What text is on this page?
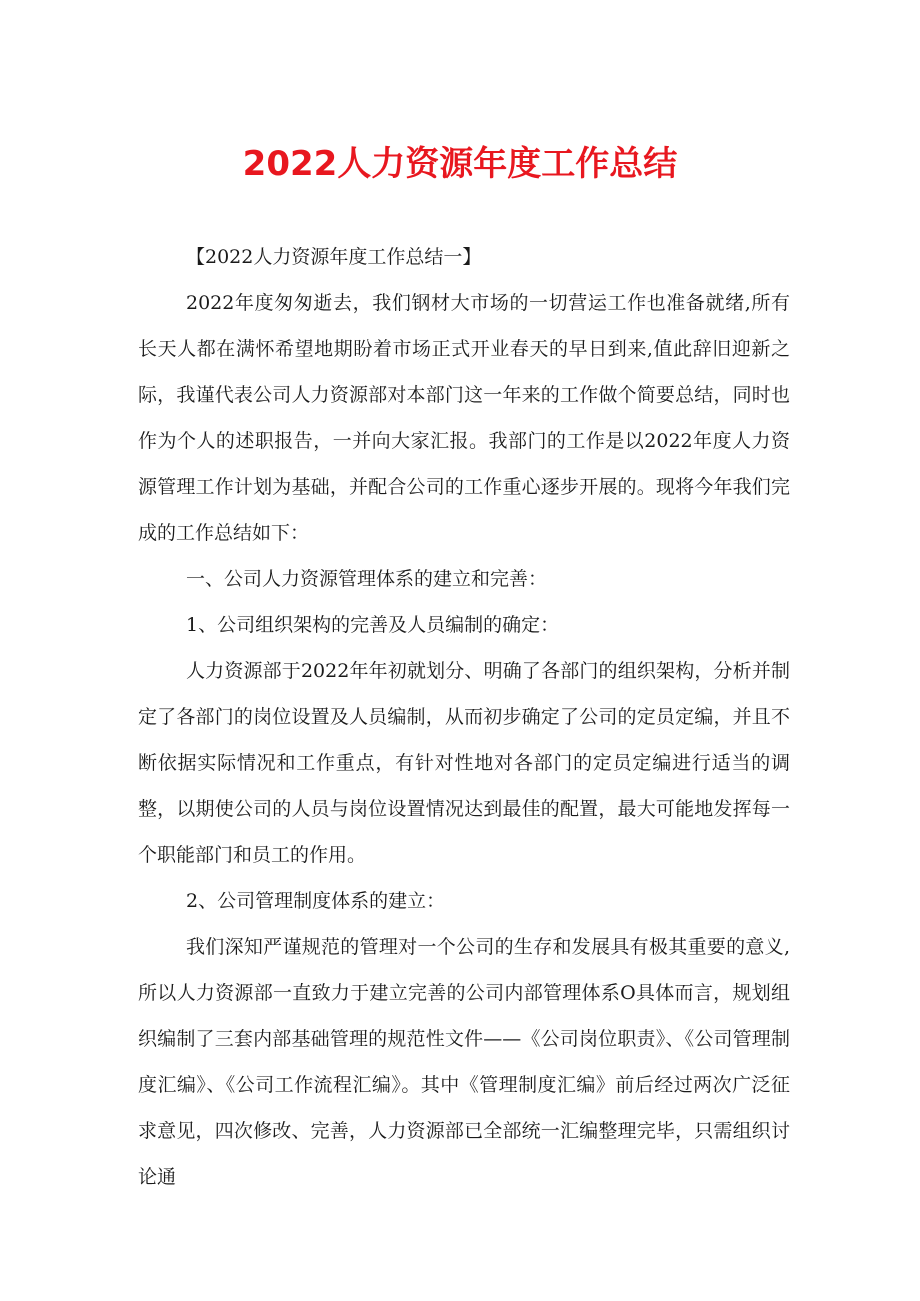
2022人力资源年度工作总结

【2022人力资源年度工作总结一】

2022年度匆匆逝去，我们钢材大市场的一切营运工作也准备就绪,所有长天人都在满怀希望地期盼着市场正式开业春天的早日到来,值此辞旧迎新之际，我谨代表公司人力资源部对本部门这一年来的工作做个简要总结，同时也作为个人的述职报告，一并向大家汇报。我部门的工作是以2022年度人力资源管理工作计划为基础，并配合公司的工作重心逐步开展的。现将今年我们完成的工作总结如下：

一、公司人力资源管理体系的建立和完善：

1、公司组织架构的完善及人员编制的确定：

人力资源部于2022年年初就划分、明确了各部门的组织架构，分析并制定了各部门的岗位设置及人员编制，从而初步确定了公司的定员定编，并且不断依据实际情况和工作重点，有针对性地对各部门的定员定编进行适当的调整，以期使公司的人员与岗位设置情况达到最佳的配置，最大可能地发挥每一个职能部门和员工的作用。

2、公司管理制度体系的建立：

我们深知严谨规范的管理对一个公司的生存和发展具有极其重要的意义,所以人力资源部一直致力于建立完善的公司内部管理体系O具体而言，规划组织编制了三套内部基础管理的规范性文件——《公司岗位职责》、《公司管理制度汇编》、《公司工作流程汇编》。其中《管理制度汇编》前后经过两次广泛征求意见，四次修改、完善，人力资源部已全部统一汇编整理完毕，只需组织讨论通
